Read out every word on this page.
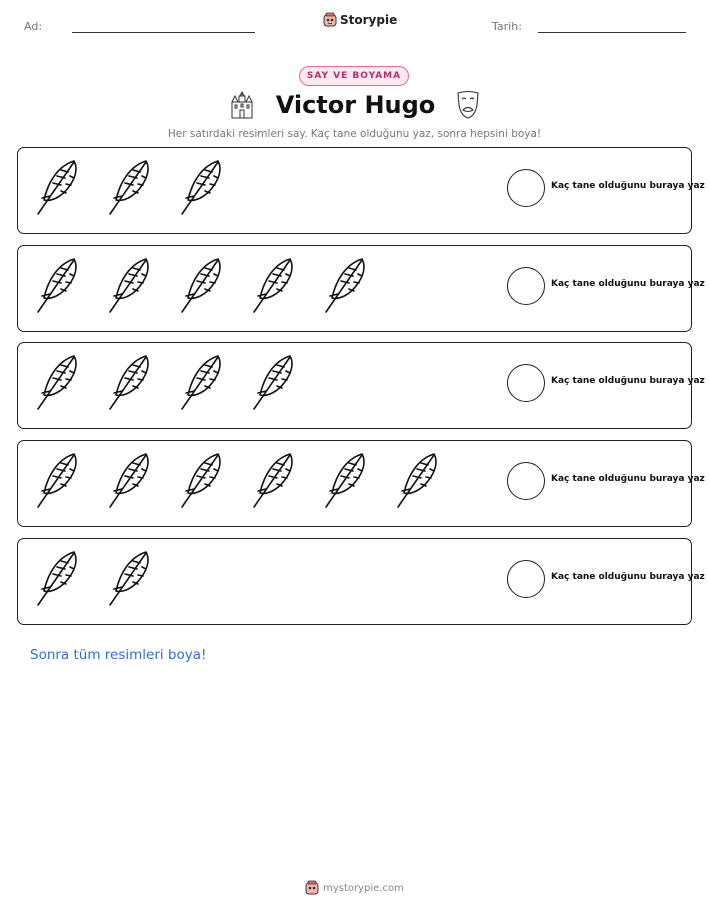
Ad:	Storypie	Tarih:
SAY VE BOYAMA
Victor Hugo
Her satırdaki resimleri say. Kaç tane olduğunu yaz, sonra hepsini boya!
Kaç tane olduğunu buraya yaz
Kaç tane olduğunu buraya yaz
Kaç tane olduğunu buraya yaz
Kaç tane olduğunu buraya yaz
Kaç tane olduğunu buraya yaz
Sonra tüm resimleri boya!
mystorypie.com
